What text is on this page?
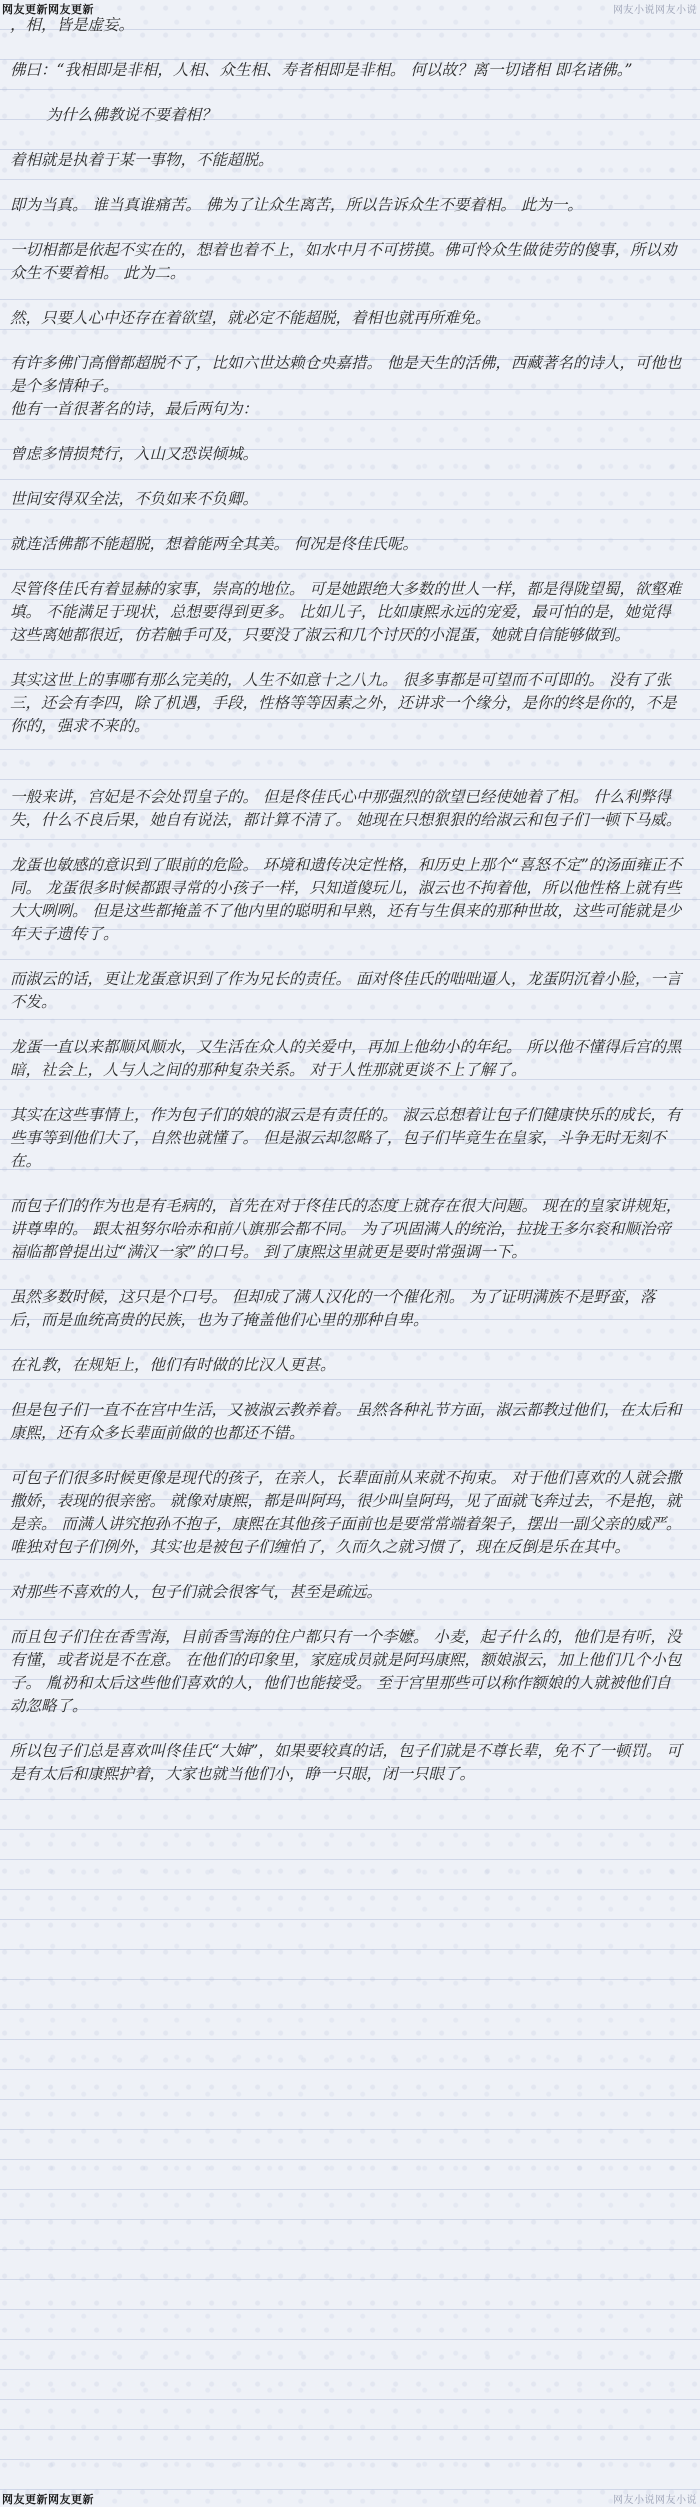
网友更新网友更新	网友小说网友小说

，相，皆是虚妄。

佛曰：“我相即是非相，人相、众生相、寿者相即是非相。 何以故？离一切诸相 即名诸佛。”

为什么佛教说不要着相？

着相就是执着于某一事物，不能超脱。

即为当真。 谁当真谁痛苦。 佛为了让众生离苦，所以告诉众生不要着相。 此为一。

一切相都是依起不实在的，想着也着不上，如水中月不可捞摸。佛可怜众生做徒劳的傻事，所以劝众生不要着相。 此为二。

然，只要人心中还存在着欲望，就必定不能超脱，着相也就再所难免。

有许多佛门高僧都超脱不了，比如六世达赖仓央嘉措。 他是天生的活佛，西藏著名的诗人，可他也是个多情种子。
他有一首很著名的诗，最后两句为：

曾虑多情损梵行，入山又恐误倾城。

世间安得双全法，不负如来不负卿。

就连活佛都不能超脱，想着能两全其美。 何况是佟佳氏呢。

尽管佟佳氏有着显赫的家事，崇高的地位。 可是她跟绝大多数的世人一样，都是得陇望蜀，欲壑难填。 不能满足于现状，总想要得到更多。 比如儿子，比如康熙永远的宠爱，最可怕的是，她觉得这些离她都很近，仿若触手可及，只要没了淑云和几个讨厌的小混蛋，她就自信能够做到。

其实这世上的事哪有那么完美的，人生不如意十之八九。 很多事都是可望而不可即的。 没有了张三，还会有李四，除了机遇，手段，性格等等因素之外，还讲求一个缘分，是你的终是你的，不是你的，强求不来的。

一般来讲，宫妃是不会处罚皇子的。 但是佟佳氏心中那强烈的欲望已经使她着了相。 什么利弊得失，什么不良后果，她自有说法，都计算不清了。 她现在只想狠狠的给淑云和包子们一顿下马威。

龙蛋也敏感的意识到了眼前的危险。 环境和遗传决定性格，和历史上那个“喜怒不定”的汤面雍正不同。 龙蛋很多时候都跟寻常的小孩子一样，只知道傻玩儿，淑云也不拘着他，所以他性格上就有些大大咧咧。 但是这些都掩盖不了他内里的聪明和早熟，还有与生俱来的那种世故，这些可能就是少年天子遗传了。

而淑云的话，更让龙蛋意识到了作为兄长的责任。 面对佟佳氏的咄咄逼人，龙蛋阴沉着小脸，一言不发。

龙蛋一直以来都顺风顺水，又生活在众人的关爱中，再加上他幼小的年纪。 所以他不懂得后宫的黑暗，社会上，人与人之间的那种复杂关系。 对于人性那就更谈不上了解了。

其实在这些事情上，作为包子们的娘的淑云是有责任的。 淑云总想着让包子们健康快乐的成长，有些事等到他们大了，自然也就懂了。 但是淑云却忽略了，包子们毕竟生在皇家，斗争无时无刻不在。

而包子们的作为也是有毛病的，首先在对于佟佳氏的态度上就存在很大问题。 现在的皇家讲规矩，讲尊卑的。 跟太祖努尔哈赤和前八旗那会都不同。 为了巩固满人的统治，拉拢王多尔衮和顺治帝福临都曾提出过“满汉一家”的口号。 到了康熙这里就更是要时常强调一下。

虽然多数时候，这只是个口号。 但却成了满人汉化的一个催化剂。 为了证明满族不是野蛮，落后，而是血统高贵的民族，也为了掩盖他们心里的那种自卑。

在礼教，在规矩上，他们有时做的比汉人更甚。

但是包子们一直不在宫中生活，又被淑云教养着。 虽然各种礼节方面，淑云都教过他们，在太后和康熙，还有众多长辈面前做的也都还不错。

可包子们很多时候更像是现代的孩子，在亲人，长辈面前从来就不拘束。 对于他们喜欢的人就会撒撒娇，表现的很亲密。 就像对康熙，都是叫阿玛，很少叫皇阿玛，见了面就飞奔过去，不是抱，就是亲。 而满人讲究抱孙不抱子，康熙在其他孩子面前也是要常常端着架子，摆出一副父亲的威严。 唯独对包子们例外，其实也是被包子们缠怕了，久而久之就习惯了，现在反倒是乐在其中。

对那些不喜欢的人，包子们就会很客气，甚至是疏远。

而且包子们住在香雪海，目前香雪海的住户都只有一个李嬷。 小麦，起子什么的，他们是有听，没有懂，或者说是不在意。 在他们的印象里，家庭成员就是阿玛康熙，额娘淑云，加上他们几个小包子。 胤礽和太后这些他们喜欢的人，他们也能接受。 至于宫里那些可以称作额娘的人就被他们自动忽略了。

所以包子们总是喜欢叫佟佳氏“大婶”，如果要较真的话，包子们就是不尊长辈，免不了一顿罚。 可是有太后和康熙护着，大家也就当他们小，睁一只眼，闭一只眼了。

网友更新网友更新	网友小说网友小说
